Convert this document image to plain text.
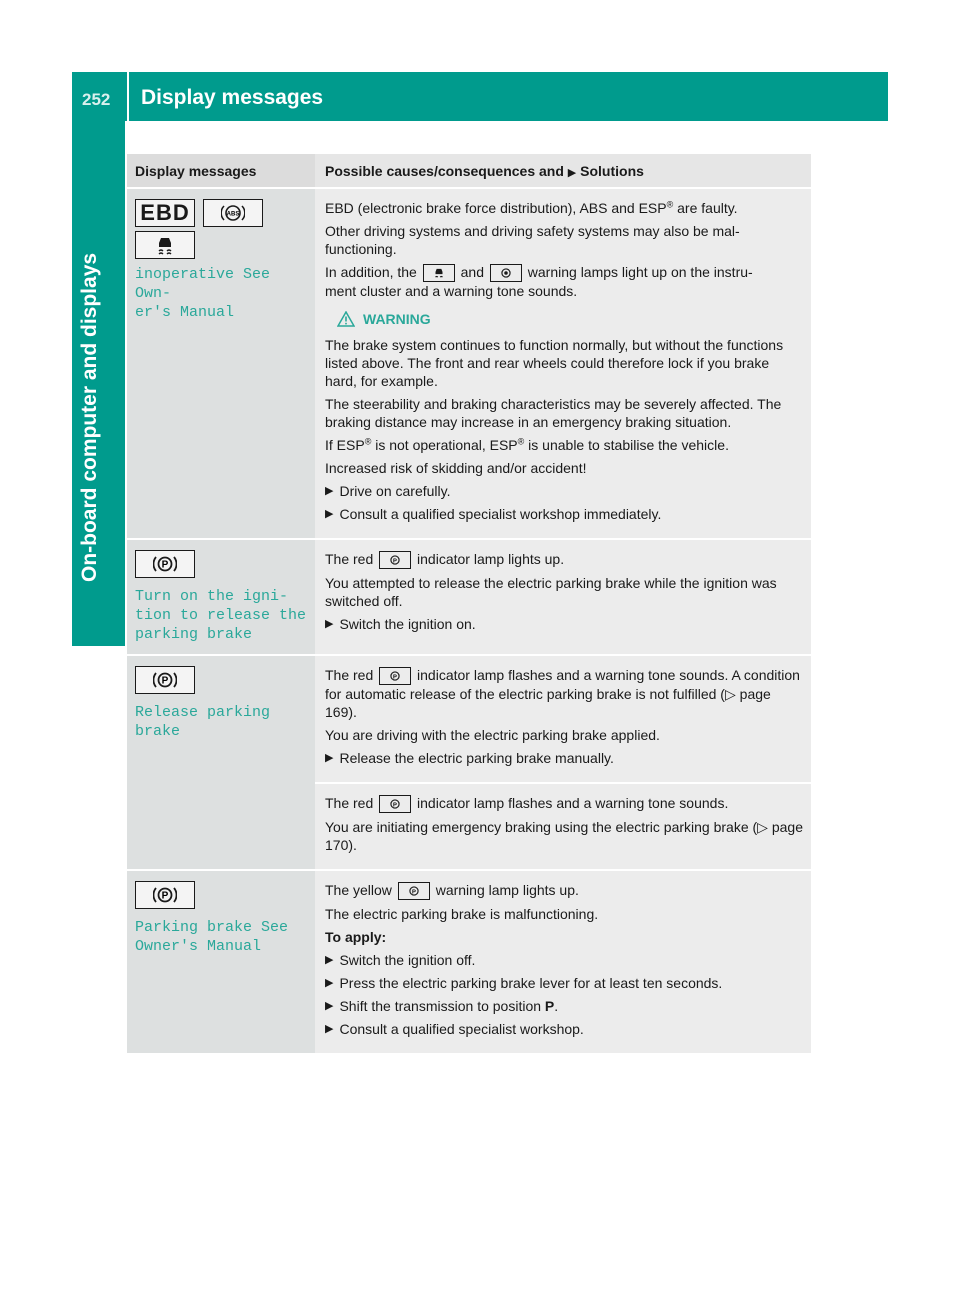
252	Display messages
On-board computer and displays
Display messages	Possible causes/consequences and ▶ Solutions
EBD	ABS
inoperative See Own‐
er's Manual

EBD (electronic brake force distribution), ABS and ESP® are faulty.

Other driving systems and driving safety systems may also be mal-
functioning.

In addition, the	and	warning lamps light up on the instru-
ment cluster and a warning tone sounds.

WARNING

The brake system continues to function normally, but without the functions listed above. The front and rear wheels could therefore lock if you brake hard, for example.

The steerability and braking characteristics may be severely affected. The braking distance may increase in an emergency braking situation.

If ESP® is not operational, ESP® is unable to stabilise the vehicle.

Increased risk of skidding and/or accident!

▶ Drive on carefully.
▶ Consult a qualified specialist workshop immediately.
P
Turn on the igni‐
tion to release the
parking brake

The red P indicator lamp lights up.

You attempted to release the electric parking brake while the ignition was switched off.

▶ Switch the ignition on.
P
Release parking
brake

The red P indicator lamp flashes and a warning tone sounds. A condition for automatic release of the electric parking brake is not fulfilled (▷ page 169).

You are driving with the electric parking brake applied.

▶ Release the electric parking brake manually.

The red P indicator lamp flashes and a warning tone sounds.

You are initiating emergency braking using the electric parking brake (▷ page 170).

P
Parking brake See
Owner's Manual

The yellow P warning lamp lights up.

The electric parking brake is malfunctioning.

To apply:

▶ Switch the ignition off.
▶ Press the electric parking brake lever for at least ten seconds.
▶ Shift the transmission to position P.
▶ Consult a qualified specialist workshop.
